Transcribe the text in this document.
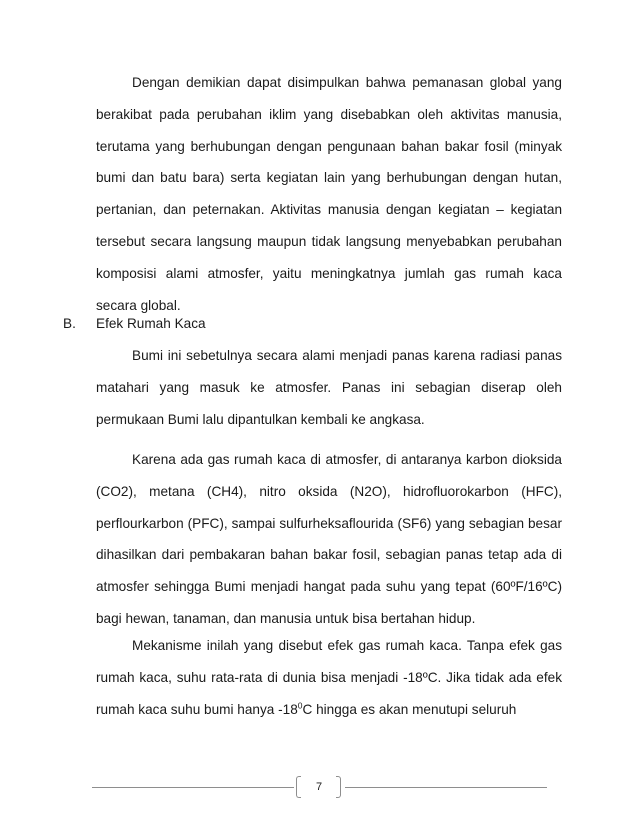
Dengan demikian dapat disimpulkan bahwa pemanasan global yang berakibat pada perubahan iklim yang disebabkan oleh aktivitas manusia, terutama yang berhubungan dengan pengunaan bahan bakar fosil (minyak bumi dan batu bara) serta kegiatan lain yang berhubungan dengan hutan, pertanian, dan peternakan. Aktivitas manusia dengan kegiatan – kegiatan tersebut secara langsung maupun tidak langsung menyebabkan perubahan komposisi alami atmosfer, yaitu meningkatnya jumlah gas rumah kaca secara global.

B. Efek Rumah Kaca

Bumi ini sebetulnya secara alami menjadi panas karena radiasi panas matahari yang masuk ke atmosfer. Panas ini sebagian diserap oleh permukaan Bumi lalu dipantulkan kembali ke angkasa.

Karena ada gas rumah kaca di atmosfer, di antaranya karbon dioksida (CO2), metana (CH4), nitro oksida (N2O), hidrofluorokarbon (HFC), perflourkarbon (PFC), sampai sulfurheksaflourida (SF6) yang sebagian besar dihasilkan dari pembakaran bahan bakar fosil, sebagian panas tetap ada di atmosfer sehingga Bumi menjadi hangat pada suhu yang tepat (60ºF/16ºC) bagi hewan, tanaman, dan manusia untuk bisa bertahan hidup.

Mekanisme inilah yang disebut efek gas rumah kaca. Tanpa efek gas rumah kaca, suhu rata-rata di dunia bisa menjadi -18ºC. Jika tidak ada efek rumah kaca suhu bumi hanya $-18^0C$ hingga es akan menutupi seluruh

7
